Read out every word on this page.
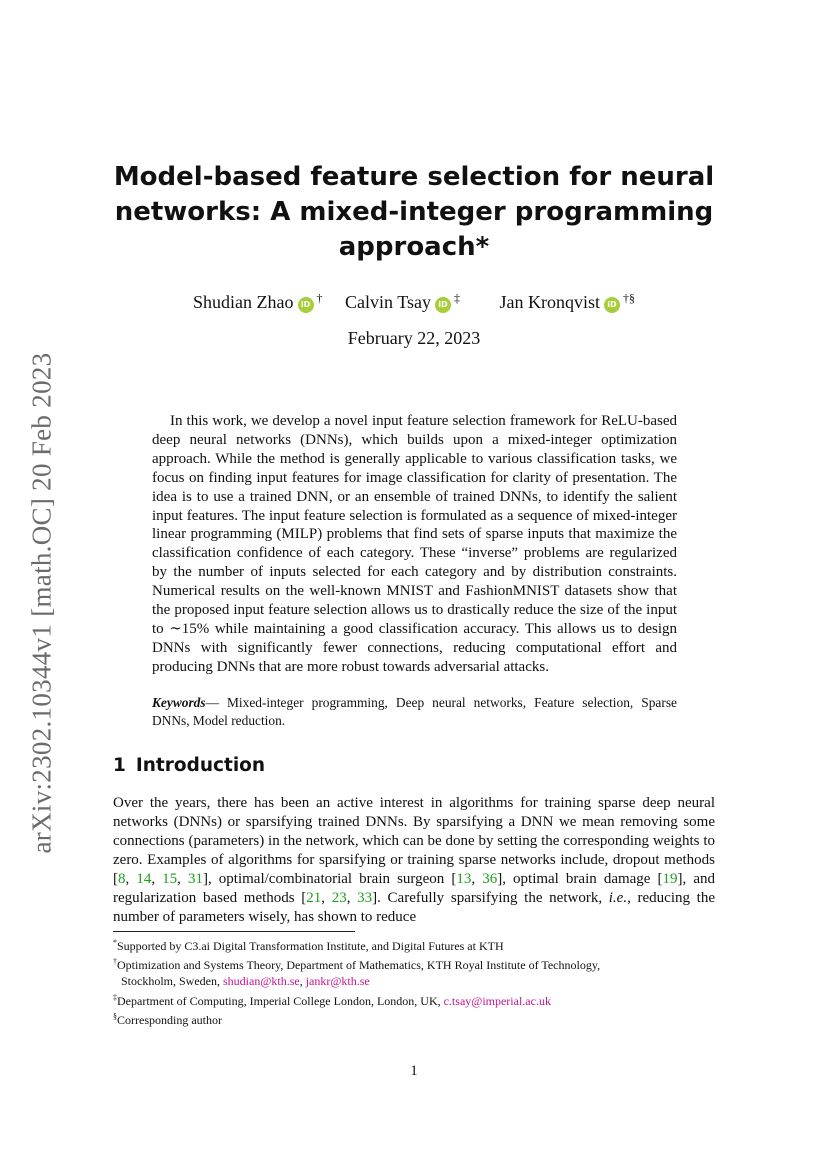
arXiv:2302.10344v1 [math.OC] 20 Feb 2023
Model-based feature selection for neural
networks: A mixed-integer programming
approach*
Shudian Zhao iD † Calvin Tsay iD ‡ Jan Kronqvist iD †§
February 22, 2023

In this work, we develop a novel input feature selection framework for ReLU-based deep neural networks (DNNs), which builds upon a mixed-integer optimization approach. While the method is generally applicable to various classification tasks, we focus on finding input features for image classification for clarity of presentation. The idea is to use a trained DNN, or an ensemble of trained DNNs, to identify the salient input features. The input feature selection is formulated as a sequence of mixed-integer linear programming (MILP) problems that find sets of sparse inputs that maximize the classification confidence of each category. These “inverse” problems are regularized by the number of inputs selected for each category and by distribution constraints. Numerical results on the well-known MNIST and FashionMNIST datasets show that the proposed input feature selection allows us to drastically reduce the size of the input to ∼15% while maintaining a good classification accuracy. This allows us to design DNNs with significantly fewer connections, reducing computational effort and producing DNNs that are more robust towards adversarial attacks.

Keywords— Mixed-integer programming, Deep neural networks, Feature selection, Sparse DNNs, Model reduction.

1 Introduction

Over the years, there has been an active interest in algorithms for training sparse deep neural networks (DNNs) or sparsifying trained DNNs. By sparsifying a DNN we mean removing some connections (parameters) in the network, which can be done by setting the corresponding weights to zero. Examples of algorithms for sparsifying or training sparse networks include, dropout methods [8, 14, 15, 31], optimal/combinatorial brain surgeon [13, 36], optimal brain damage [19], and regularization based methods [21, 23, 33]. Carefully sparsifying the network, i.e., reducing the number of parameters wisely, has shown to reduce

*Supported by C3.ai Digital Transformation Institute, and Digital Futures at KTH

†Optimization and Systems Theory, Department of Mathematics, KTH Royal Institute of Technology,

Stockholm, Sweden, shudian@kth.se, jankr@kth.se

‡Department of Computing, Imperial College London, London, UK, c.tsay@imperial.ac.uk

§Corresponding author

1
